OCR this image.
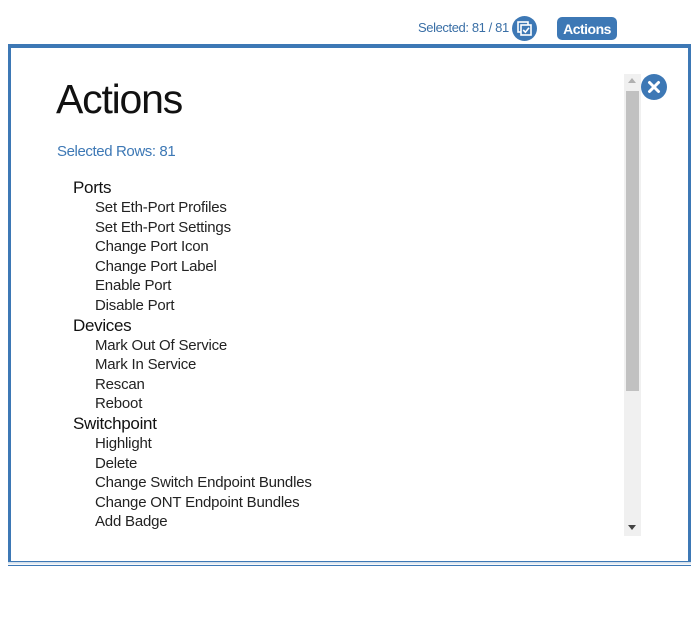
Selected: 81 / 81	Actions
Actions
Selected Rows: 81
Ports
Set Eth-Port Profiles
Set Eth-Port Settings
Change Port Icon
Change Port Label
Enable Port
Disable Port
Devices
Mark Out Of Service
Mark In Service
Rescan
Reboot
Switchpoint
Highlight
Delete
Change Switch Endpoint Bundles
Change ONT Endpoint Bundles
Add Badge
